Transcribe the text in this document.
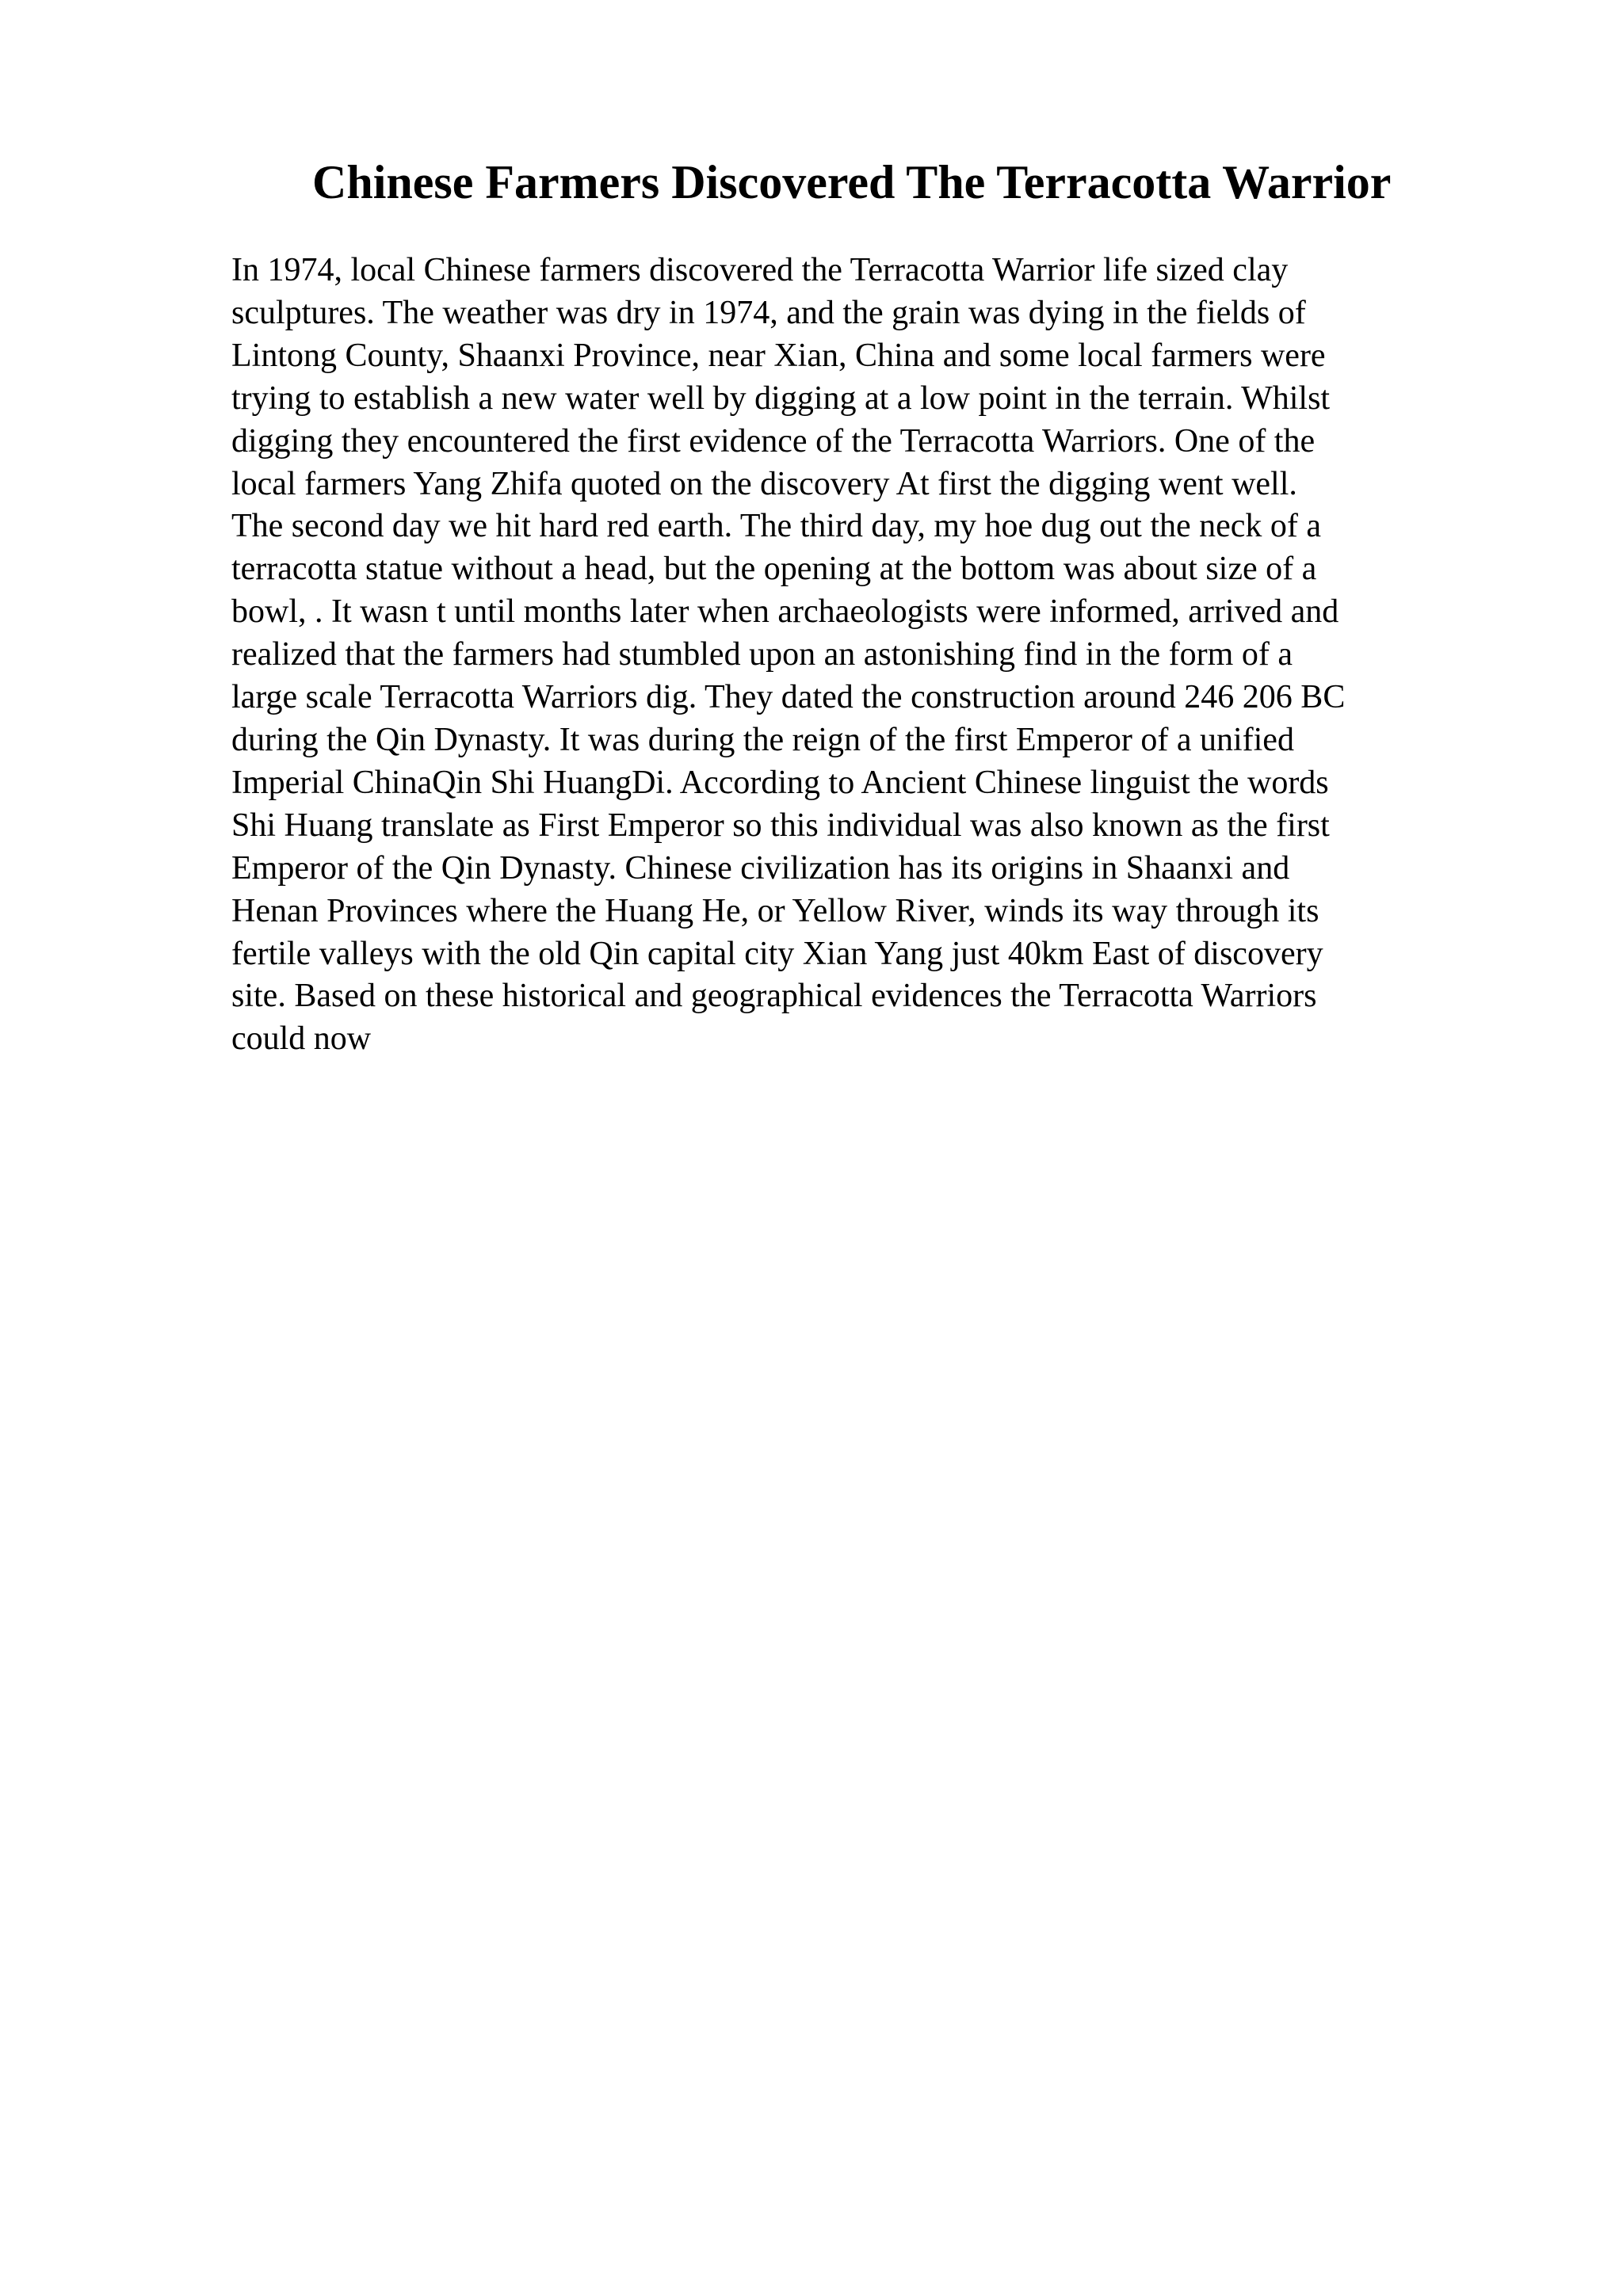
Chinese Farmers Discovered The Terracotta Warrior
In 1974, local Chinese farmers discovered the Terracotta Warrior life sized clay
sculptures. The weather was dry in 1974, and the grain was dying in the fields of
Lintong County, Shaanxi Province, near Xian, China and some local farmers were
trying to establish a new water well by digging at a low point in the terrain. Whilst
digging they encountered the first evidence of the Terracotta Warriors. One of the
local farmers Yang Zhifa quoted on the discovery At first the digging went well.
The second day we hit hard red earth. The third day, my hoe dug out the neck of a
terracotta statue without a head, but the opening at the bottom was about size of a
bowl, . It wasn t until months later when archaeologists were informed, arrived and
realized that the farmers had stumbled upon an astonishing find in the form of a
large scale Terracotta Warriors dig. They dated the construction around 246 206 BC
during the Qin Dynasty. It was during the reign of the first Emperor of a unified
Imperial ChinaQin Shi HuangDi. According to Ancient Chinese linguist the words
Shi Huang translate as First Emperor so this individual was also known as the first
Emperor of the Qin Dynasty. Chinese civilization has its origins in Shaanxi and
Henan Provinces where the Huang He, or Yellow River, winds its way through its
fertile valleys with the old Qin capital city Xian Yang just 40km East of discovery
site. Based on these historical and geographical evidences the Terracotta Warriors
could now
